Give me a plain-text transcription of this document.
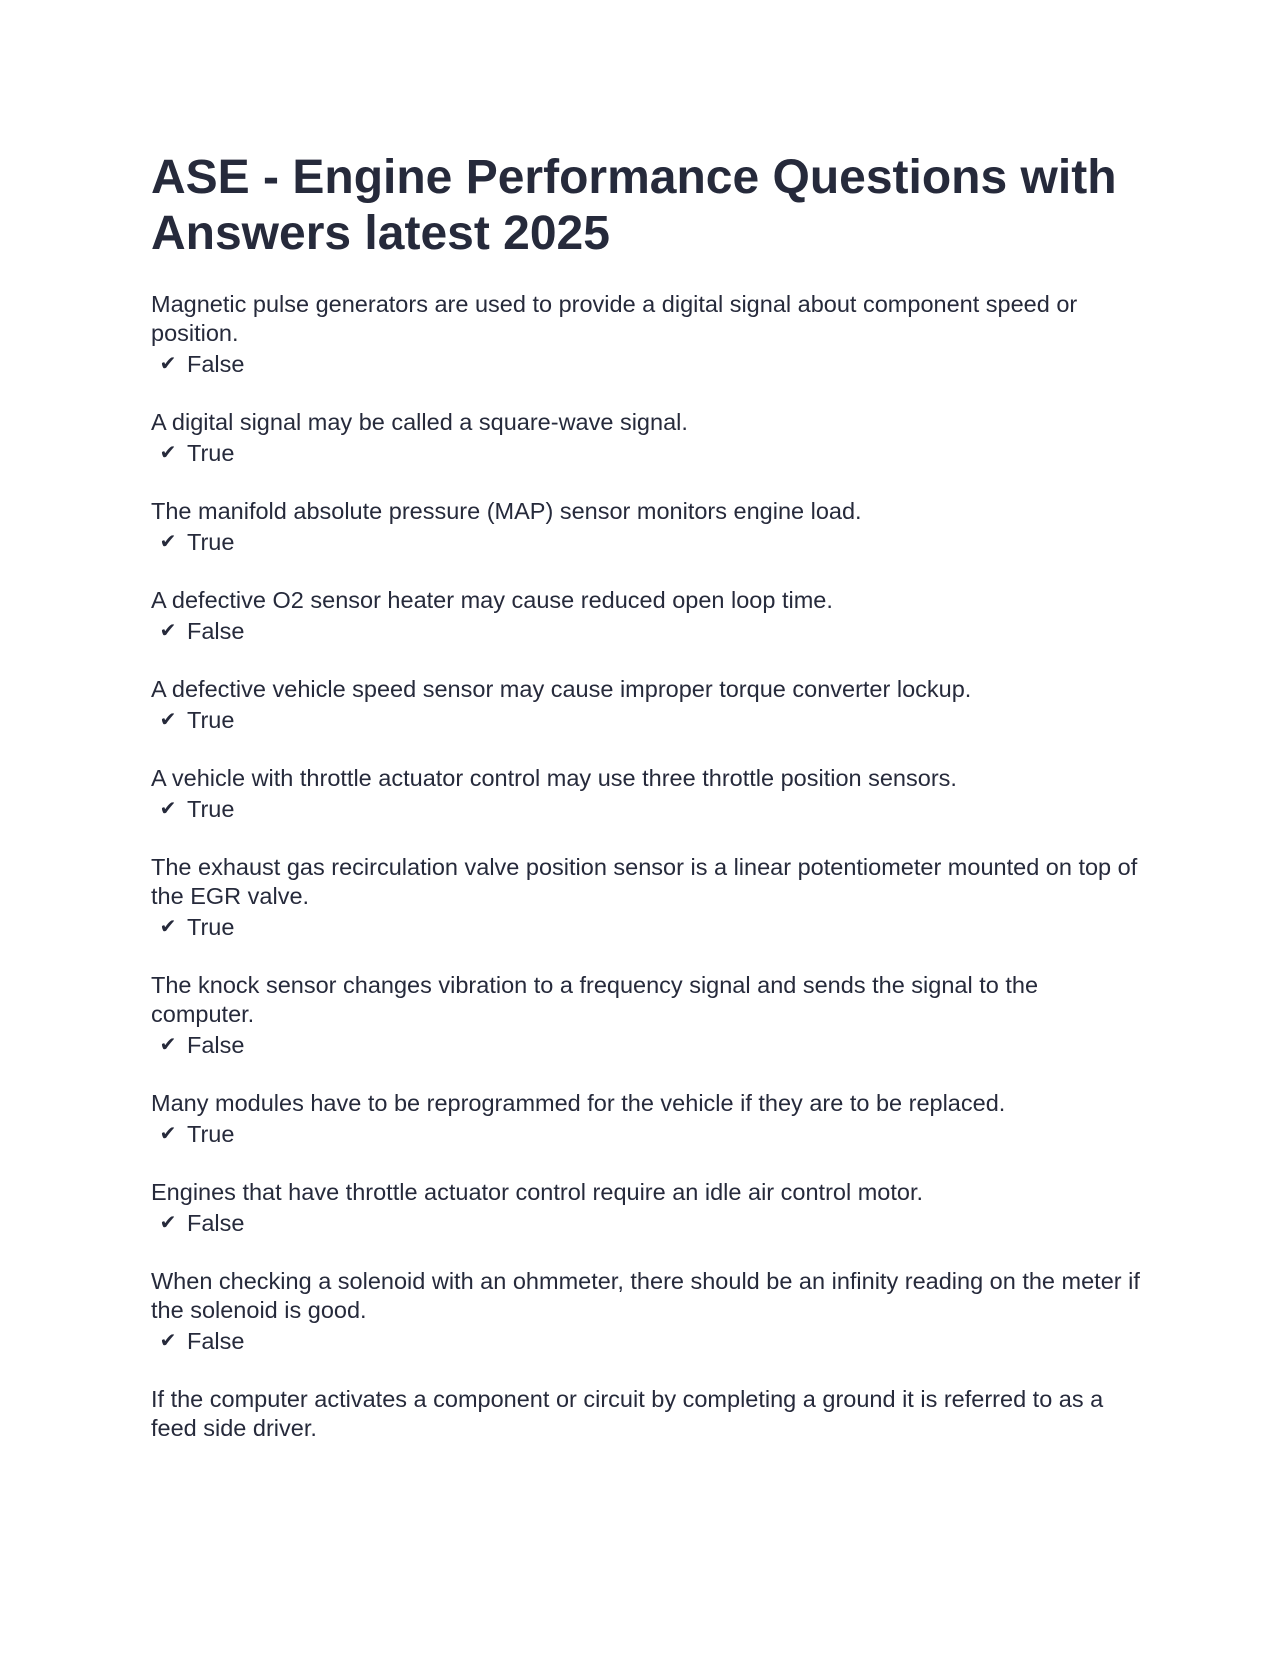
ASE - Engine Performance Questions with Answers latest 2025

Magnetic pulse generators are used to provide a digital signal about component speed or position.

✔ False

A digital signal may be called a square-wave signal.

✔ True

The manifold absolute pressure (MAP) sensor monitors engine load.

✔ True

A defective O2 sensor heater may cause reduced open loop time.

✔ False

A defective vehicle speed sensor may cause improper torque converter lockup.

✔ True

A vehicle with throttle actuator control may use three throttle position sensors.

✔ True

The exhaust gas recirculation valve position sensor is a linear potentiometer mounted on top of the EGR valve.

✔ True

The knock sensor changes vibration to a frequency signal and sends the signal to the computer.

✔ False

Many modules have to be reprogrammed for the vehicle if they are to be replaced.

✔ True

Engines that have throttle actuator control require an idle air control motor.

✔ False

When checking a solenoid with an ohmmeter, there should be an infinity reading on the meter if the solenoid is good.

✔ False

If the computer activates a component or circuit by completing a ground it is referred to as a feed side driver.
